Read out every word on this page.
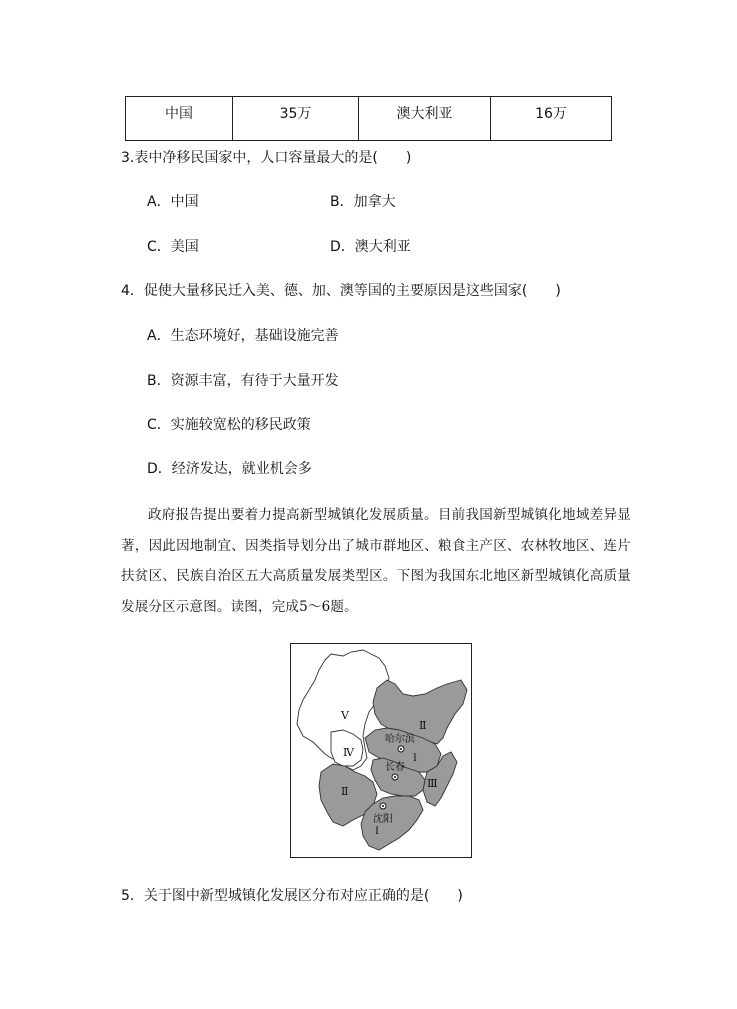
中国	35万	澳大利亚	16万
3.表中净移民国家中，人口容量最大的是(　　)
A．中国	B．加拿大
C．美国	D．澳大利亚
4．促使大量移民迁入美、德、加、澳等国的主要原因是这些国家(　　)
A．生态环境好，基础设施完善
B．资源丰富，有待于大量开发
C．实施较宽松的移民政策
D．经济发达，就业机会多
政府报告提出要着力提高新型城镇化发展质量。目前我国新型城镇化地域差异显著，因此因地制宜、因类指导划分出了城市群地区、粮食主产区、农林牧地区、连片扶贫区、民族自治区五大高质量发展类型区。下图为我国东北地区新型城镇化高质量发展分区示意图。读图，完成5～6题。
Ⅴ
Ⅳ
Ⅱ
Ⅰ
Ⅲ
Ⅱ
Ⅰ
哈尔滨
长春
沈阳
5．关于图中新型城镇化发展区分布对应正确的是(　　)
